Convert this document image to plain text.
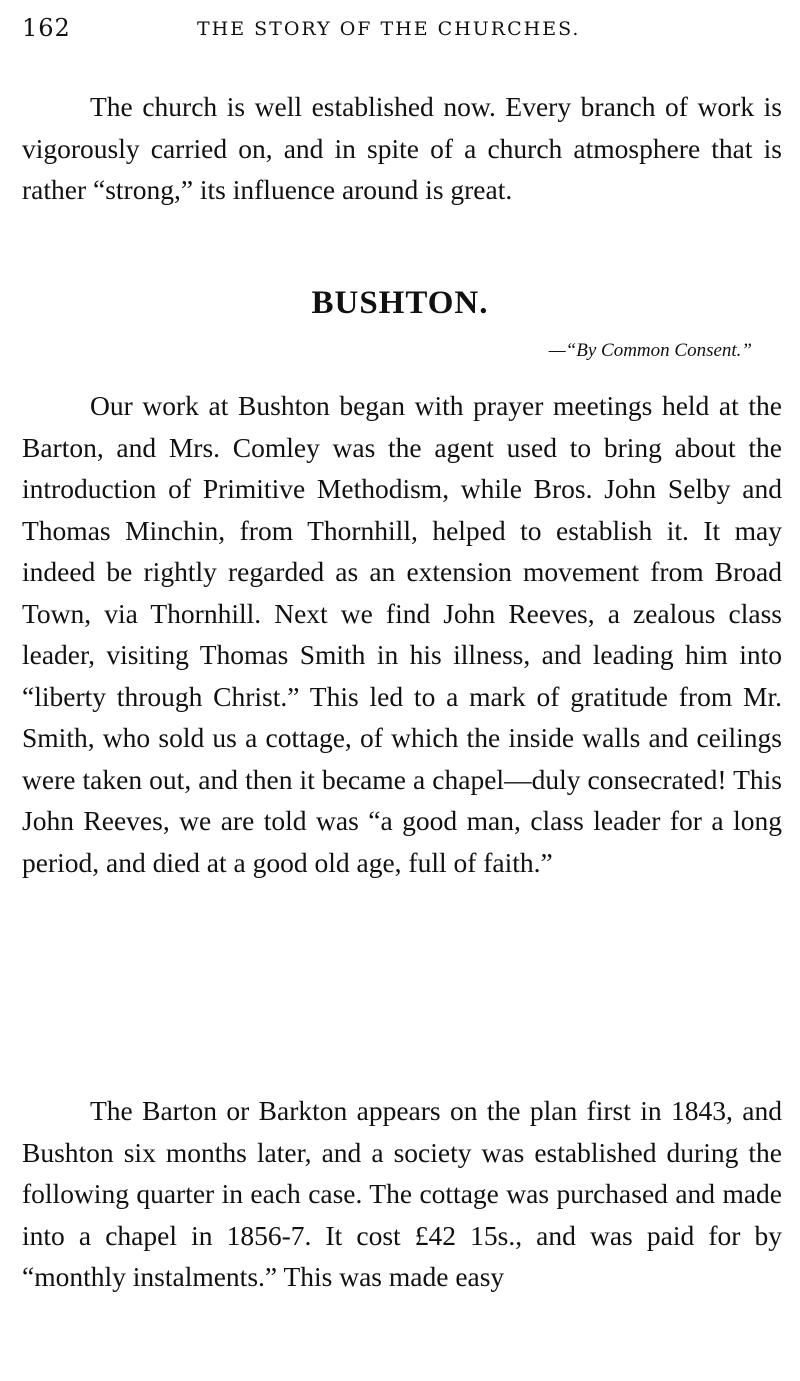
162	THE STORY OF THE CHURCHES.

The church is well established now. Every branch of work is vigorously carried on, and in spite of a church atmosphere that is rather “strong,” its influence around is great.

BUSHTON.
—“By Common Consent.”

Our work at Bushton began with prayer meetings held at the Barton, and Mrs. Comley was the agent used to bring about the introduction of Primitive Methodism, while Bros. John Selby and Thomas Minchin, from Thornhill, helped to establish it. It may indeed be rightly regarded as an extension movement from Broad Town, via Thornhill. Next we find John Reeves, a zealous class leader, visiting Thomas Smith in his illness, and leading him into “liberty through Christ.” This led to a mark of gratitude from Mr. Smith, who sold us a cottage, of which the inside walls and ceilings were taken out, and then it became a chapel—duly consecrated! This John Reeves, we are told was “a good man, class leader for a long period, and died at a good old age, full of faith.”

The Barton or Barkton appears on the plan first in 1843, and Bushton six months later, and a society was established during the following quarter in each case. The cottage was purchased and made into a chapel in 1856-7. It cost £42 15s., and was paid for by “monthly instalments.” This was made easy
